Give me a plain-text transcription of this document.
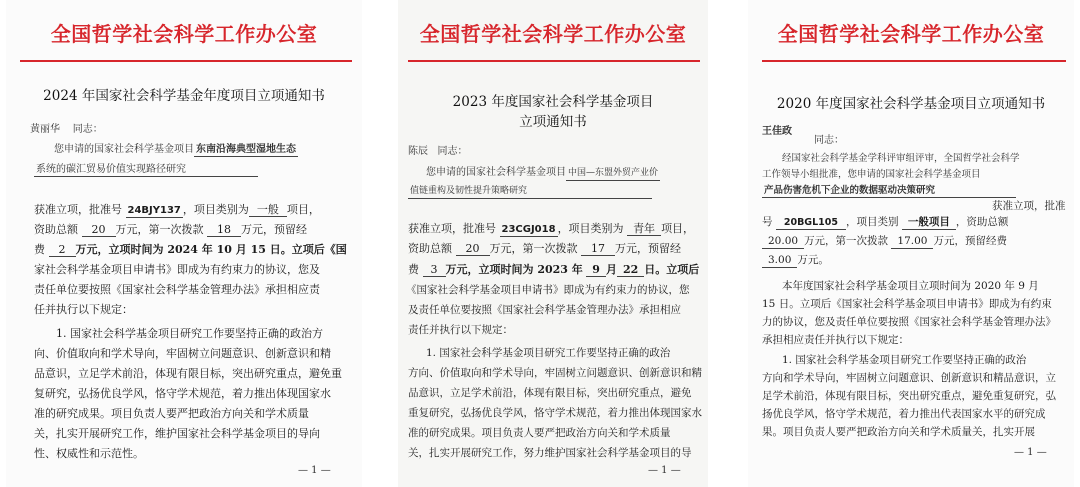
全国哲学社会科学工作办公室
2024 年国家社会科学基金年度项目立项通知书
黄丽华 同志：
您申请的国家社会科学基金项目 东南沿海典型湿地生态
系统的碳汇贸易价值实现路径研究
获准立项，批准号 24BJY137 ，项目类别为 一般 项目，
资助总额 20 万元，第一次拨款 18 万元，预留经
费 2 万元，立项时间为 2024 年 10 月 15 日。立项后《国
家社会科学基金项目申请书》即成为有约束力的协议，您及
责任单位要按照《国家社会科学基金管理办法》承担相应责
任并执行以下规定：
1. 国家社会科学基金项目研究工作要坚持正确的政治方
向、价值取向和学术导向，牢固树立问题意识、创新意识和精
品意识，立足学术前沿，体现有限目标，突出研究重点，避免重
复研究，弘扬优良学风，恪守学术规范，着力推出体现国家水
准的研究成果。项目负责人要严把政治方向关和学术质量
关，扎实开展研究工作，维护国家社会科学基金项目的导向
性、权威性和示范性。
— 1 —
全国哲学社会科学工作办公室
2023 年度国家社会科学基金项目
立项通知书
陈辰 同志：
您申请的国家社会科学基金项目 中国—东盟外贸产业价
值链重构及韧性提升策略研究
获准立项，批准号 23CGJ018 ，项目类别为 青年 项目，
资助总额 20 万元，第一次拨款 17 万元，预留经
费 3 万元，立项时间为 2023 年 9 月 22 日。立项后
《国家社会科学基金项目申请书》即成为有约束力的协议，您
及责任单位要按照《国家社会科学基金管理办法》承担相应
责任并执行以下规定：
1. 国家社会科学基金项目研究工作要坚持正确的政治
方向、价值取向和学术导向，牢固树立问题意识、创新意识和精
品意识，立足学术前沿，体现有限目标，突出研究重点，避免
重复研究，弘扬优良学风，恪守学术规范，着力推出体现国家水
准的研究成果。项目负责人要严把政治方向关和学术质量
关，扎实开展研究工作，努力维护国家社会科学基金项目的导
— 1 —
全国哲学社会科学工作办公室
2020 年度国家社会科学基金项目立项通知书
王佳政
同志：
经国家社会科学基金学科评审组评审，全国哲学社会科学
工作领导小组批准，您申请的国家社会科学基金项目
产品伤害危机下企业的数据驱动决策研究
获准立项，批准
号 20BGL105 ，项目类别 一般项目 ，资助总额
20.00 万元，第一次拨款 17.00 万元，预留经费
3.00 万元。
本年度国家社会科学基金项目立项时间为 2020 年 9 月
15 日。立项后《国家社会科学基金项目申请书》即成为有约束
力的协议，您及责任单位要按照《国家社会科学基金管理办法》
承担相应责任并执行以下规定：
1. 国家社会科学基金项目研究工作要坚持正确的政治
方向和学术导向，牢固树立问题意识、创新意识和精品意识，立
足学术前沿，体现有限目标，突出研究重点，避免重复研究，弘
扬优良学风，恪守学术规范，着力推出代表国家水平的研究成
果。项目负责人要严把政治方向关和学术质量关，扎实开展
— 1 —
